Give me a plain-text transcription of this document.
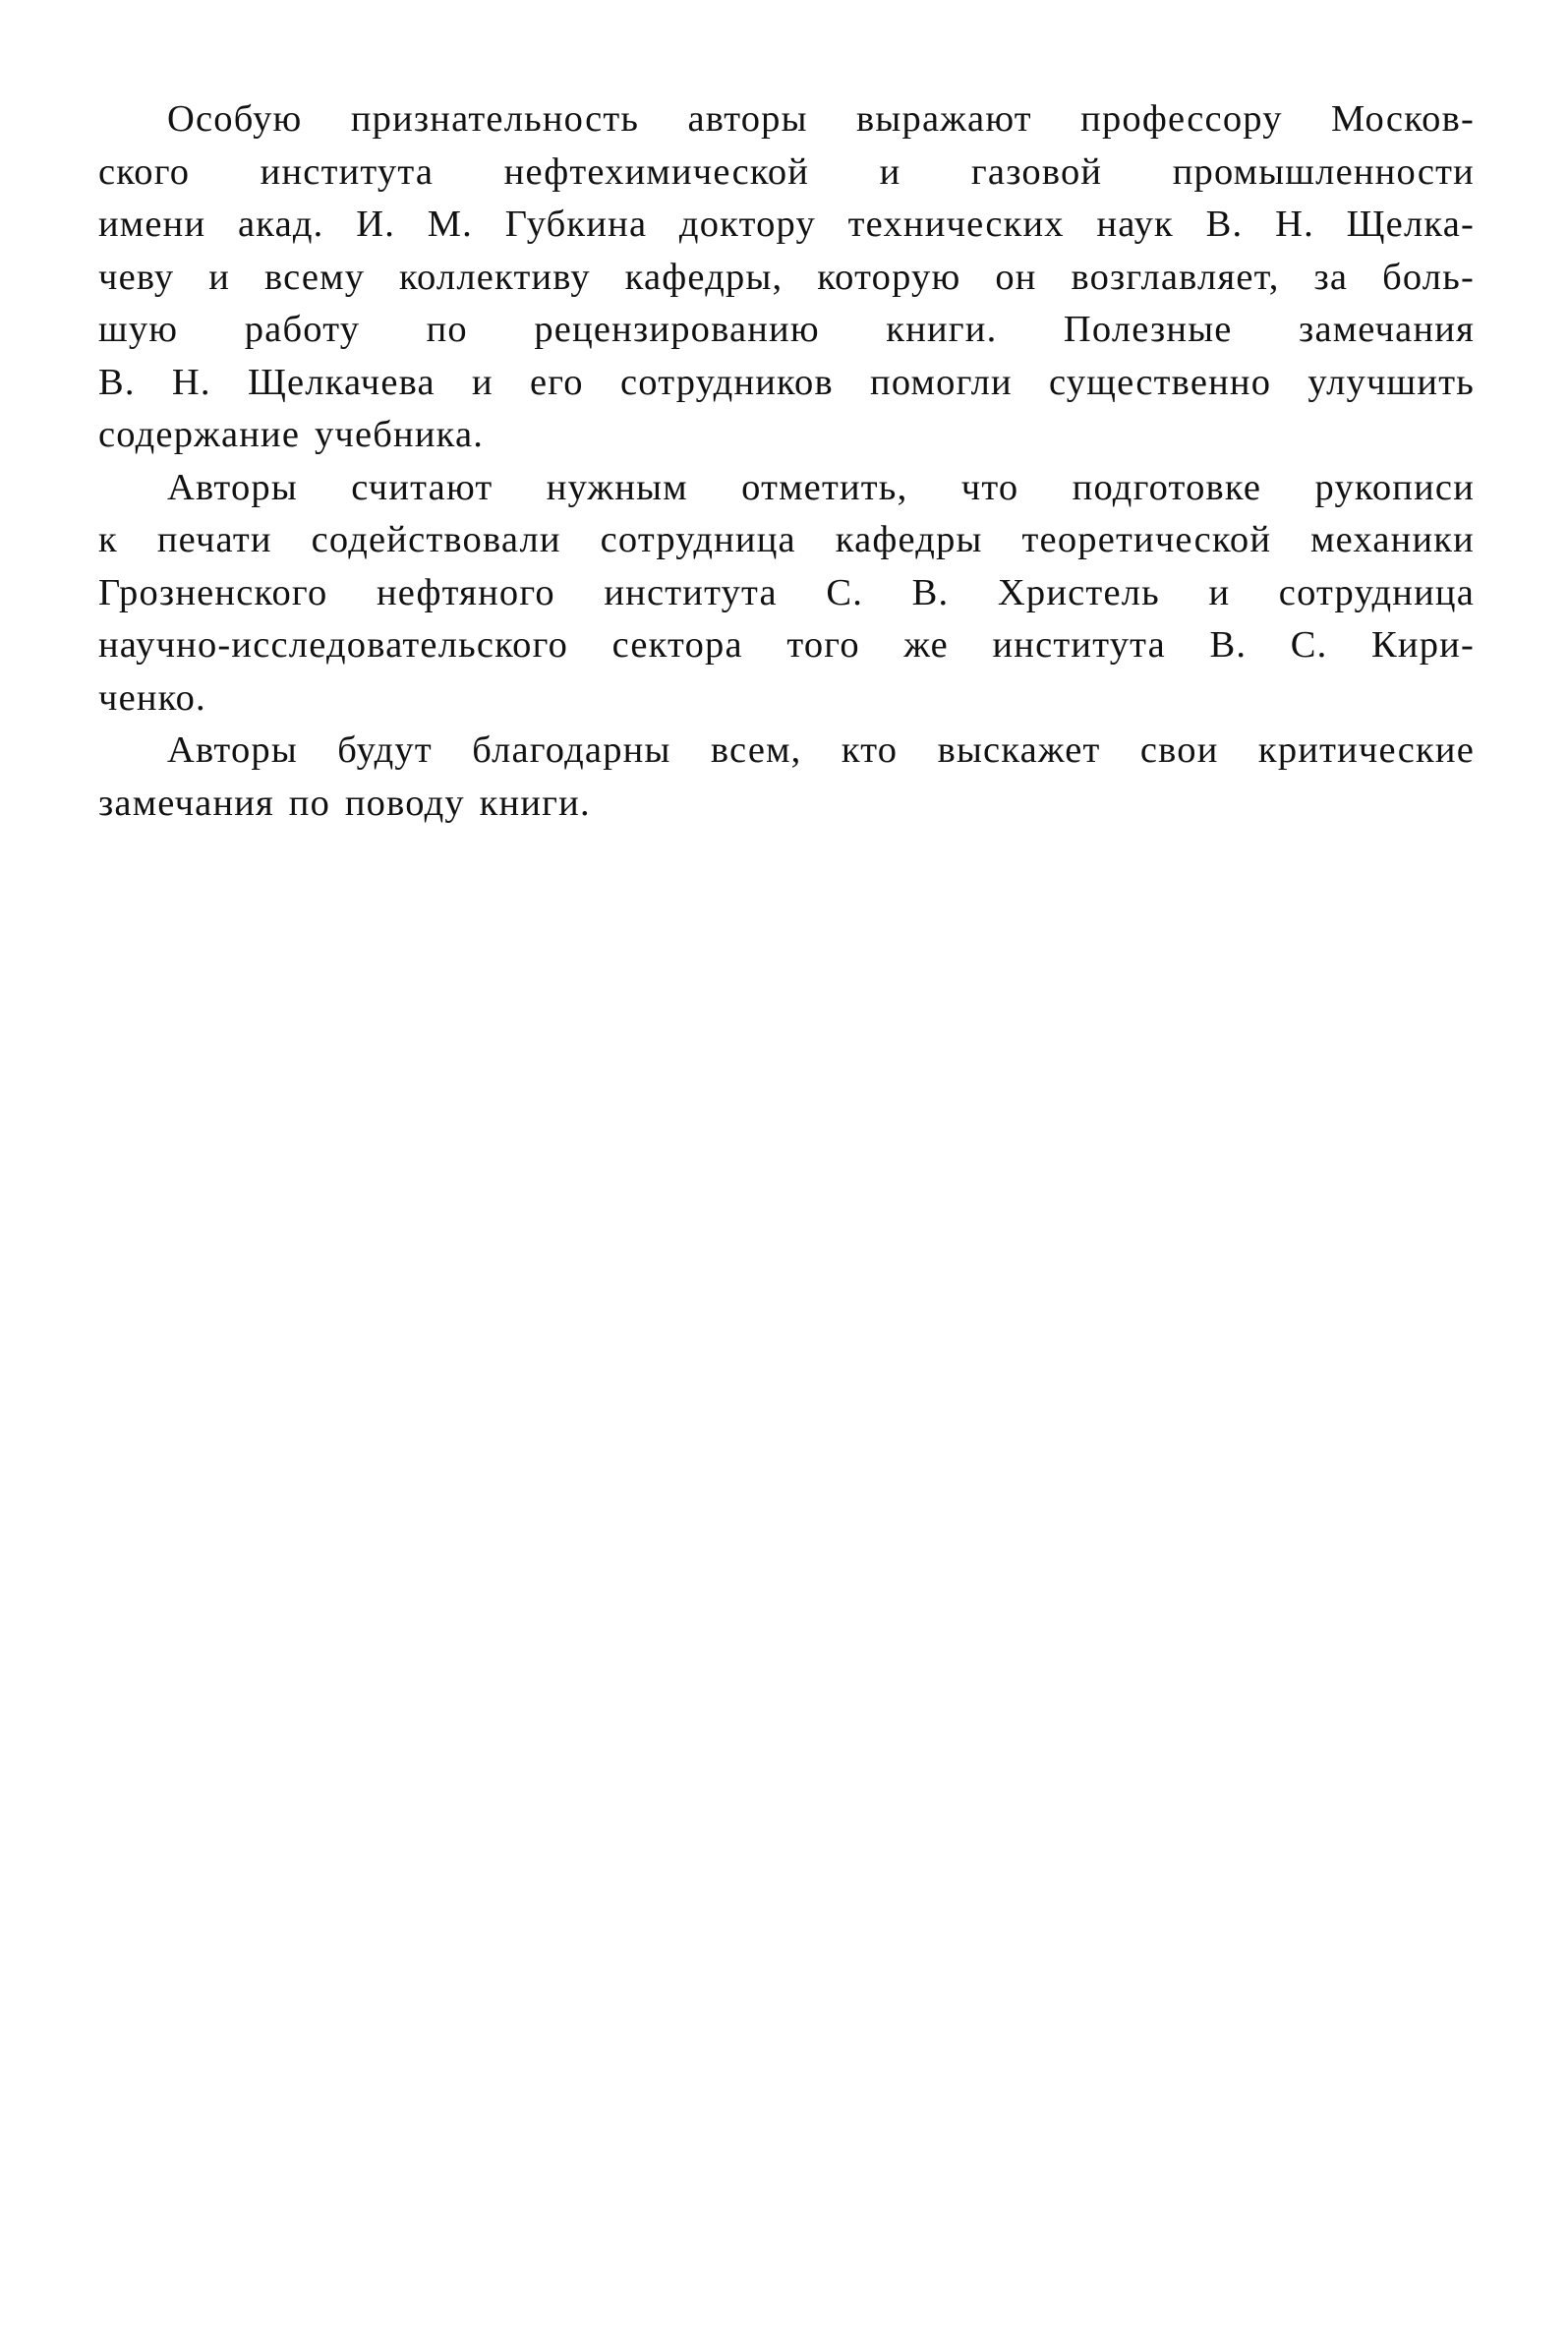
Особую признательность авторы выражают профессору Москов-
ского института нефтехимической и газовой промышленности
имени акад. И. М. Губкина доктору технических наук В. Н. Щелка-
чеву и всему коллективу кафедры, которую он возглавляет, за боль-
шую работу по рецензированию книги. Полезные замечания
В. Н. Щелкачева и его сотрудников помогли существенно улучшить
содержание учебника.
Авторы считают нужным отметить, что подготовке рукописи
к печати содействовали сотрудница кафедры теоретической механики
Грозненского нефтяного института С. В. Христель и сотрудница
научно-исследовательского сектора того же института В. С. Кири-
ченко.
Авторы будут благодарны всем, кто выскажет свои критические
замечания по поводу книги.
